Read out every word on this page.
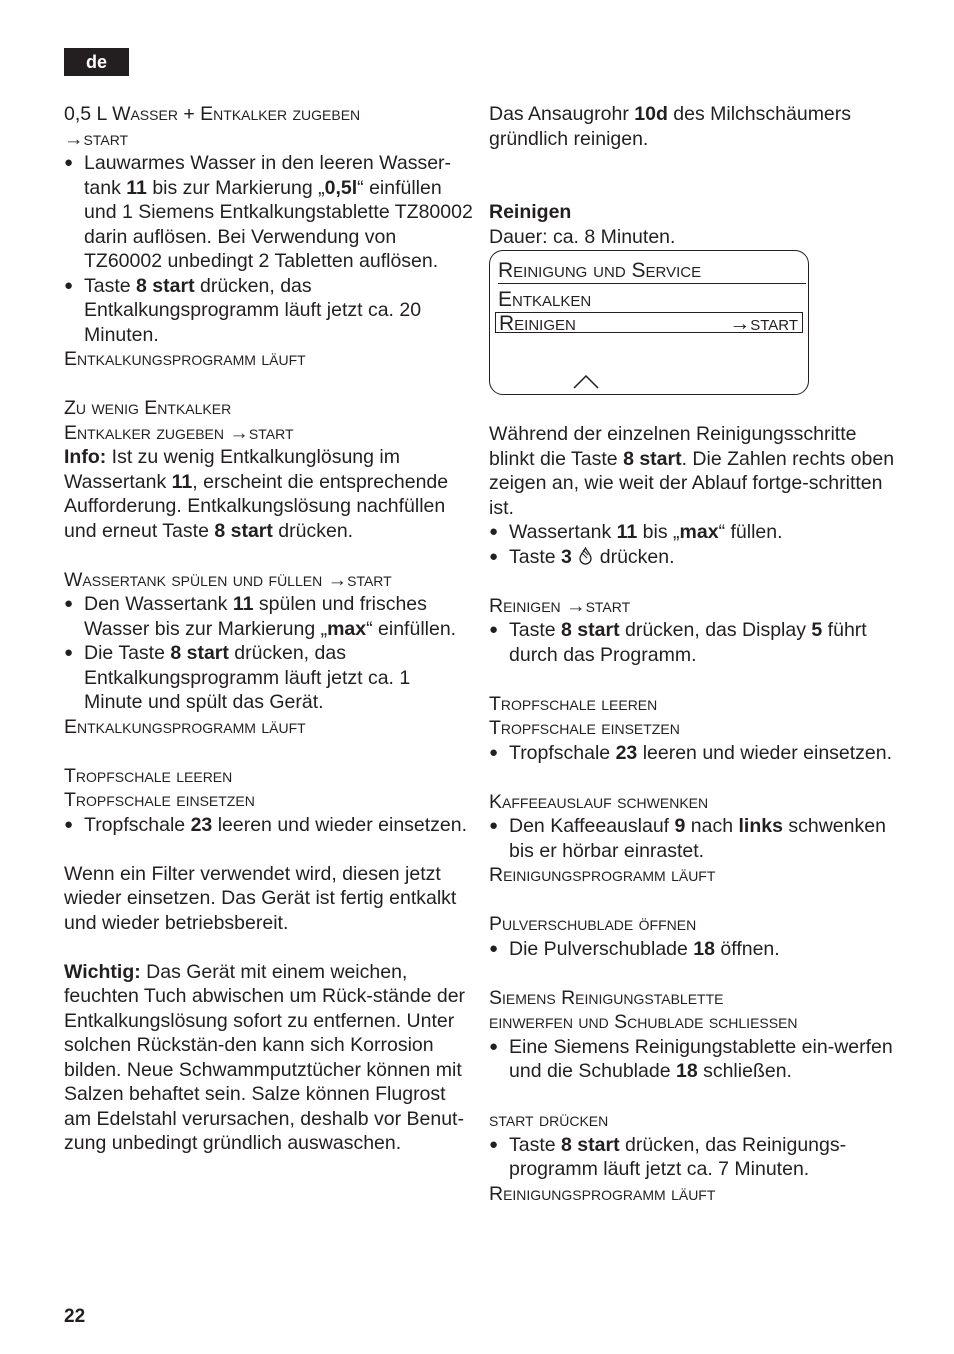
de

0,5 L Wasser + Entkalker zugeben

→start

● Lauwarmes Wasser in den leeren Wasser-tank 11 bis zur Markierung „0,5l“ einfüllen und 1 Siemens Entkalkungstablette TZ80002 darin auflösen. Bei Verwendung von TZ60002 unbedingt 2 Tabletten auflösen.
● Taste 8 start drücken, das Entkalkungsprogramm läuft jetzt ca. 20 Minuten.

Entkalkungsprogramm läuft

Zu wenig Entkalker

Entkalker zugeben →start

Info: Ist zu wenig Entkalkunglösung im Wassertank 11, erscheint die entsprechende Aufforderung. Entkalkungslösung nachfüllen und erneut Taste 8 start drücken.

Wassertank spülen und füllen →start

● Den Wassertank 11 spülen und frisches Wasser bis zur Markierung „max“ einfüllen.
● Die Taste 8 start drücken, das Entkalkungsprogramm läuft jetzt ca. 1 Minute und spült das Gerät.

Entkalkungsprogramm läuft

Tropfschale leeren

Tropfschale einsetzen

● Tropfschale 23 leeren und wieder einsetzen.

Wenn ein Filter verwendet wird, diesen jetzt wieder einsetzen. Das Gerät ist fertig entkalkt und wieder betriebsbereit.

Wichtig: Das Gerät mit einem weichen, feuchten Tuch abwischen um Rück-stände der Entkalkungslösung sofort zu entfernen. Unter solchen Rückstän-den kann sich Korrosion bilden. Neue Schwammputztücher können mit Salzen behaftet sein. Salze können Flugrost am Edelstahl verursachen, deshalb vor Benut-zung unbedingt gründlich auswaschen.

Das Ansaugrohr 10d des Milchschäumers gründlich reinigen.

Reinigen

Dauer: ca. 8 Minuten.

Reinigung und Service
Entkalken
Reinigen	→start

Während der einzelnen Reinigungsschritte blinkt die Taste 8 start. Die Zahlen rechts oben zeigen an, wie weit der Ablauf fortge-schritten ist.

● Wassertank 11 bis „max“ füllen.
● Taste 3  drücken.

Reinigen →start

● Taste 8 start drücken, das Display 5 führt durch das Programm.

Tropfschale leeren

Tropfschale einsetzen

● Tropfschale 23 leeren und wieder einsetzen.

Kaffeeauslauf schwenken

● Den Kaffeeauslauf 9 nach links schwenken bis er hörbar einrastet.

Reinigungsprogramm läuft

Pulverschublade öffnen

● Die Pulverschublade 18 öffnen.

Siemens Reinigungstablette

einwerfen und Schublade schliessen

● Eine Siemens Reinigungstablette ein-werfen und die Schublade 18 schließen.

start drücken

● Taste 8 start drücken, das Reinigungs-programm läuft jetzt ca. 7 Minuten.

Reinigungsprogramm läuft

22
